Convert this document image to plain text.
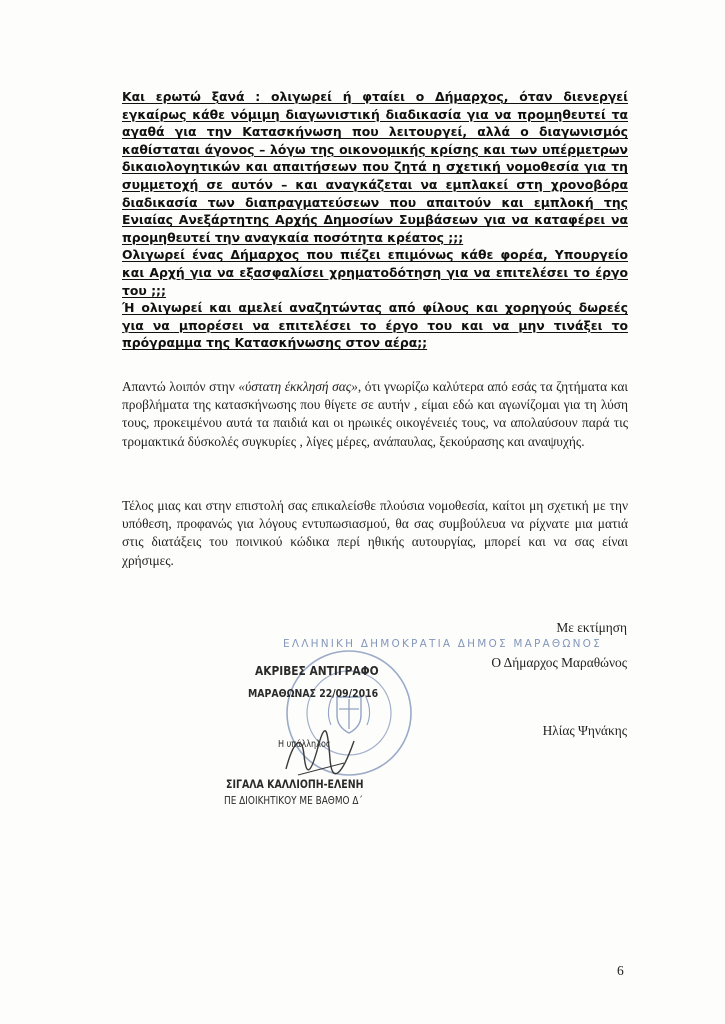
Και ερωτώ ξανά : ολιγωρεί ή φταίει ο Δήμαρχος, όταν διενεργεί εγκαίρως κάθε νόμιμη διαγωνιστική διαδικασία για να προμηθευτεί τα αγαθά για την Κατασκήνωση που λειτουργεί, αλλά ο διαγωνισμός καθίσταται άγονος – λόγω της οικονομικής κρίσης και των υπέρμετρων δικαιολογητικών και απαιτήσεων που ζητά η σχετική νομοθεσία για τη συμμετοχή σε αυτόν – και αναγκάζεται να εμπλακεί στη χρονοβόρα διαδικασία των διαπραγματεύσεων που απαιτούν και εμπλοκή της Ενιαίας Ανεξάρτητης Αρχής Δημοσίων Συμβάσεων για να καταφέρει να προμηθευτεί την αναγκαία ποσότητα κρέατος ;;;

Ολιγωρεί ένας Δήμαρχος που πιέζει επιμόνως κάθε φορέα, Υπουργείο και Αρχή για να εξασφαλίσει χρηματοδότηση για να επιτελέσει το έργο του ;;;

Ή ολιγωρεί και αμελεί αναζητώντας από φίλους και χορηγούς δωρεές για να μπορέσει να επιτελέσει το έργο του και να μην τινάξει το πρόγραμμα της Κατασκήνωσης στον αέρα;;

Απαντώ λοιπόν στην «ύστατη έκκλησή σας», ότι γνωρίζω καλύτερα από εσάς τα ζητήματα και προβλήματα της κατασκήνωσης που θίγετε σε αυτήν , είμαι εδώ και αγωνίζομαι για τη λύση τους, προκειμένου αυτά τα παιδιά και οι ηρωικές οικογένειές τους, να απολαύσουν παρά τις τρομακτικά δύσκολές συγκυρίες , λίγες μέρες, ανάπαυλας, ξεκούρασης και αναψυχής.

Τέλος μιας και στην επιστολή σας επικαλείσθε πλούσια νομοθεσία, καίτοι μη σχετική με την υπόθεση, προφανώς για λόγους εντυπωσιασμού, θα σας συμβούλευα να ρίχνατε μια ματιά στις διατάξεις του ποινικού κώδικα περί ηθικής αυτουργίας, μπορεί και να σας είναι χρήσιμες.

Με εκτίμηση
Ο Δήμαρχος Μαραθώνος
Ηλίας Ψηνάκης
ΕΛΛΗΝΙΚΗ ΔΗΜΟΚΡΑΤΙΑ ΔΗΜΟΣ ΜΑΡΑΘΩΝΟΣ
ΑΚΡΙΒΕΣ ΑΝΤΙΓΡΑΦΟ
ΜΑΡΑΘΩΝΑΣ 22/09/2016
Η υπάλληλος
ΣΙΓΑΛΑ ΚΑΛΛΙΟΠΗ-ΕΛΕΝΗ
ΠΕ ΔΙΟΙΚΗΤΙΚΟΥ ΜΕ ΒΑΘΜΟ Δ΄
6
